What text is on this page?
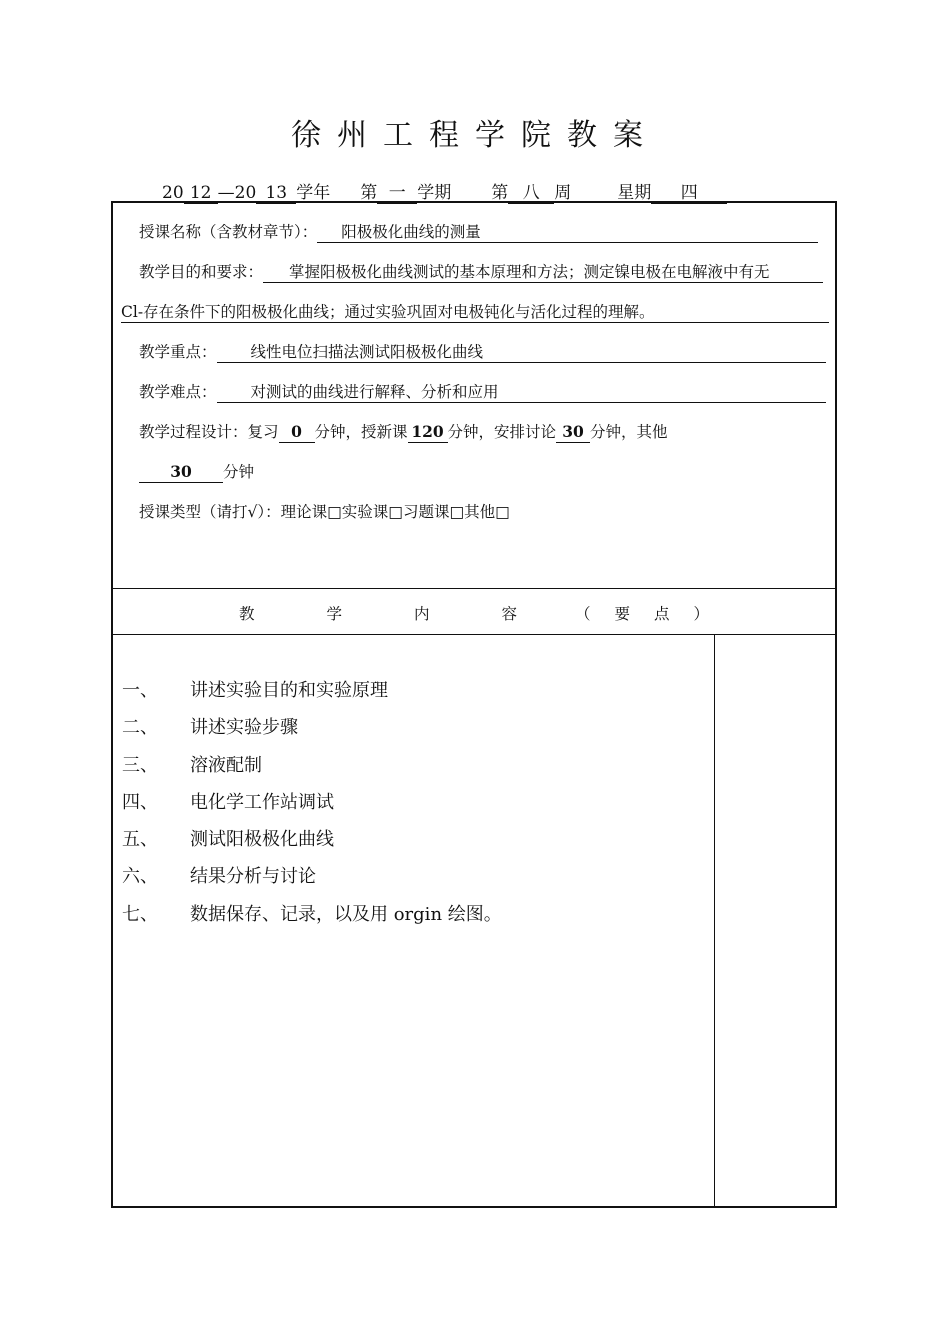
徐州工程学院教案
20 12 —20 13 学年 第 一 学期 第 八 周	星期 四
授课名称（含教材章节）： 阳极极化曲线的测量
教学目的和要求： 掌握阳极极化曲线测试的基本原理和方法；测定镍电极在电解液中有无
Cl-存在条件下的阳极极化曲线；通过实验巩固对电极钝化与活化过程的理解。
教学重点： 线性电位扫描法测试阳极极化曲线
教学难点： 对测试的曲线进行解释、分析和应用
教学过程设计：复习 0 分钟，授新课 120 分钟，安排讨论 30 分钟，其他
30 分钟
授课类型（请打√）：理论课□实验课□习题课□其他□
教	学	内	容	（ 要 点 ）
一、 讲述实验目的和实验原理
二、 讲述实验步骤
三、 溶液配制
四、 电化学工作站调试
五、 测试阳极极化曲线
六、 结果分析与讨论
七、 数据保存、记录，以及用 orgin 绘图。
